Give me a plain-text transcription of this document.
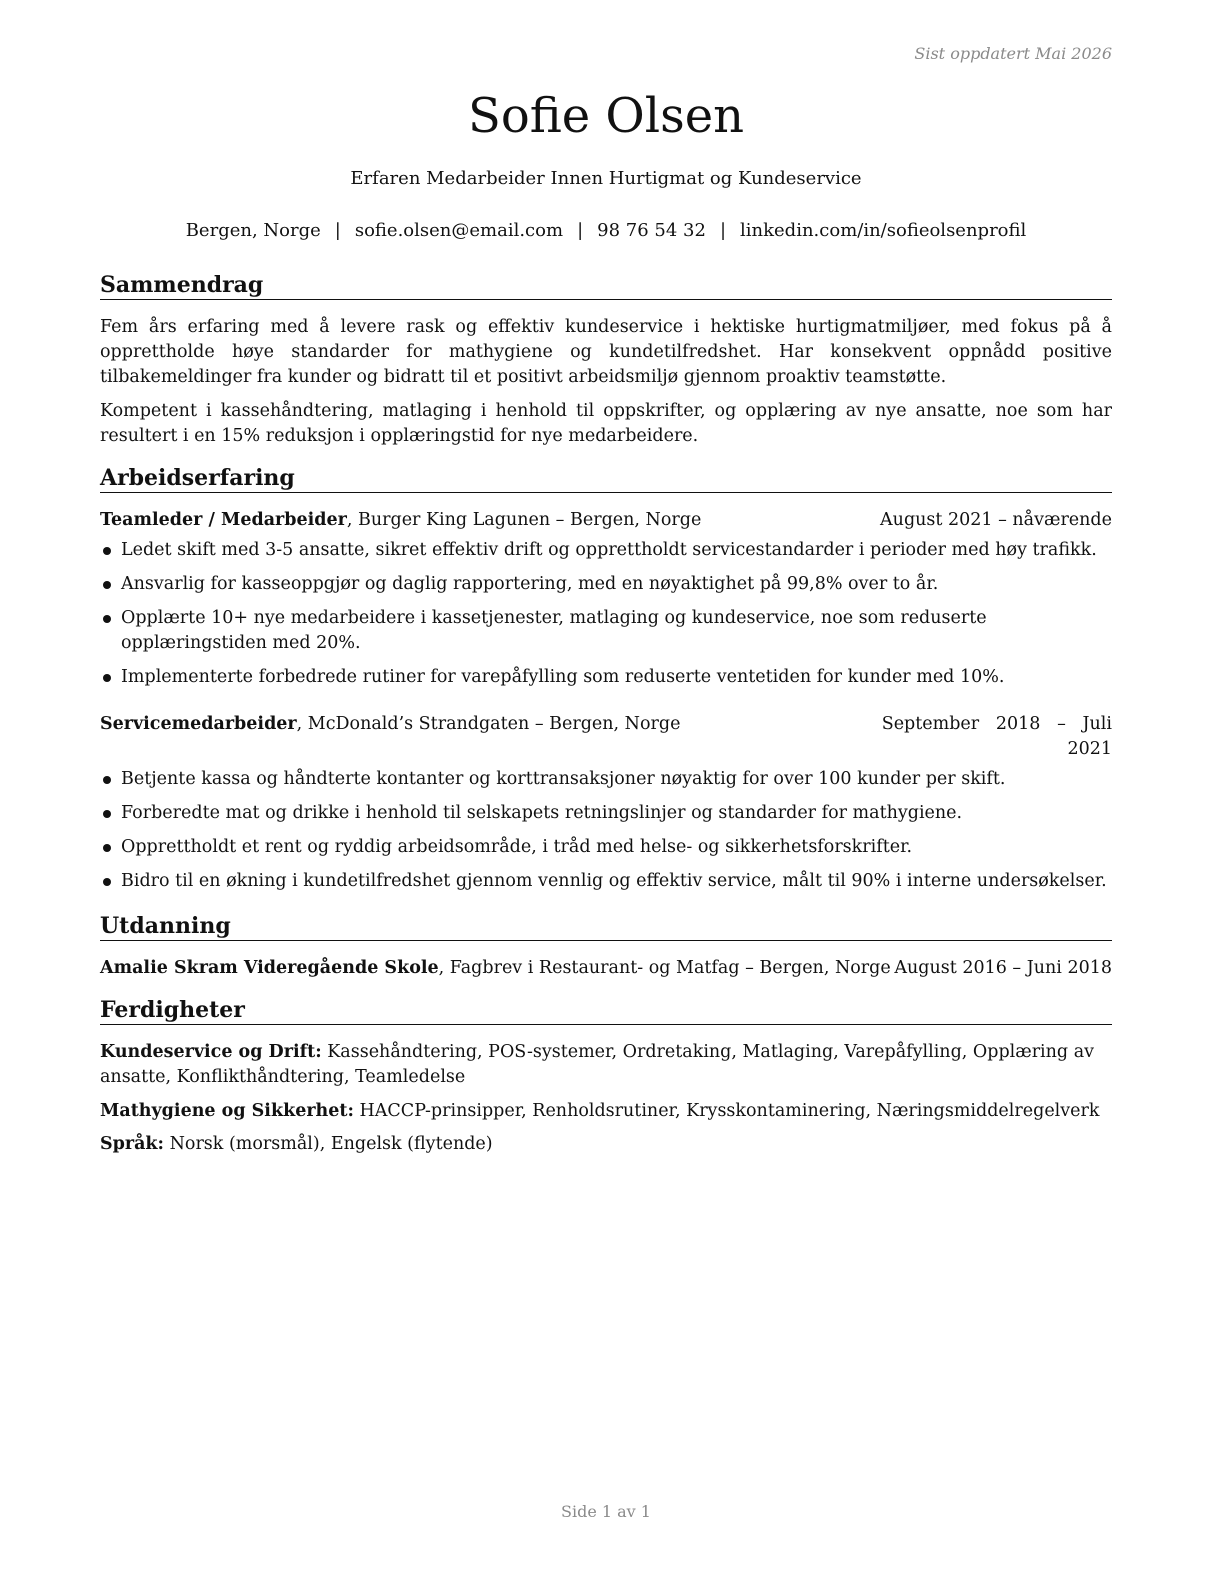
Sist oppdatert Mai 2026
Sofie Olsen
Erfaren Medarbeider Innen Hurtigmat og Kundeservice
Bergen, Norge | sofie.olsen@email.com | 98 76 54 32 | linkedin.com/in/sofieolsenprofil
Sammendrag
Fem års erfaring med å levere rask og effektiv kundeservice i hektiske hurtigmatmiljøer, med fokus på å opprettholde høye standarder for mathygiene og kundetilfredshet. Har konsekvent oppnådd positive tilbakemeldinger fra kunder og bidratt til et positivt arbeidsmiljø gjennom proaktiv teamstøtte.
Kompetent i kassehåndtering, matlaging i henhold til oppskrifter, og opplæring av nye ansatte, noe som har resultert i en 15% reduksjon i opplæringstid for nye medarbeidere.
Arbeidserfaring
Teamleder / Medarbeider, Burger King Lagunen – Bergen, Norge	August 2021 – nåværende
Ledet skift med 3-5 ansatte, sikret effektiv drift og opprettholdt servicestandarder i perioder med høy trafikk.
Ansvarlig for kasseoppgjør og daglig rapportering, med en nøyaktighet på 99,8% over to år.
Opplærte 10+ nye medarbeidere i kassetjenester, matlaging og kundeservice, noe som reduserte opplæringstiden med 20%.
Implementerte forbedrede rutiner for varepåfylling som reduserte ventetiden for kunder med 10%.
Servicemedarbeider, McDonald’s Strandgaten – Bergen, Norge	September   2018   –   Juli
2021
Betjente kassa og håndterte kontanter og korttransaksjoner nøyaktig for over 100 kunder per skift.
Forberedte mat og drikke i henhold til selskapets retningslinjer og standarder for mathygiene.
Opprettholdt et rent og ryddig arbeidsområde, i tråd med helse- og sikkerhetsforskrifter.
Bidro til en økning i kundetilfredshet gjennom vennlig og effektiv service, målt til 90% i interne undersøkelser.
Utdanning
Amalie Skram Videregående Skole, Fagbrev i Restaurant- og Matfag – Bergen, Norge August 2016 – Juni 2018
Ferdigheter
Kundeservice og Drift: Kassehåndtering, POS-systemer, Ordretaking, Matlaging, Varepåfylling, Opplæring av ansatte, Konflikthåndtering, Teamledelse
Mathygiene og Sikkerhet: HACCP-prinsipper, Renholdsrutiner, Krysskontaminering, Næringsmiddelregelverk
Språk: Norsk (morsmål), Engelsk (flytende)
Side 1 av 1
